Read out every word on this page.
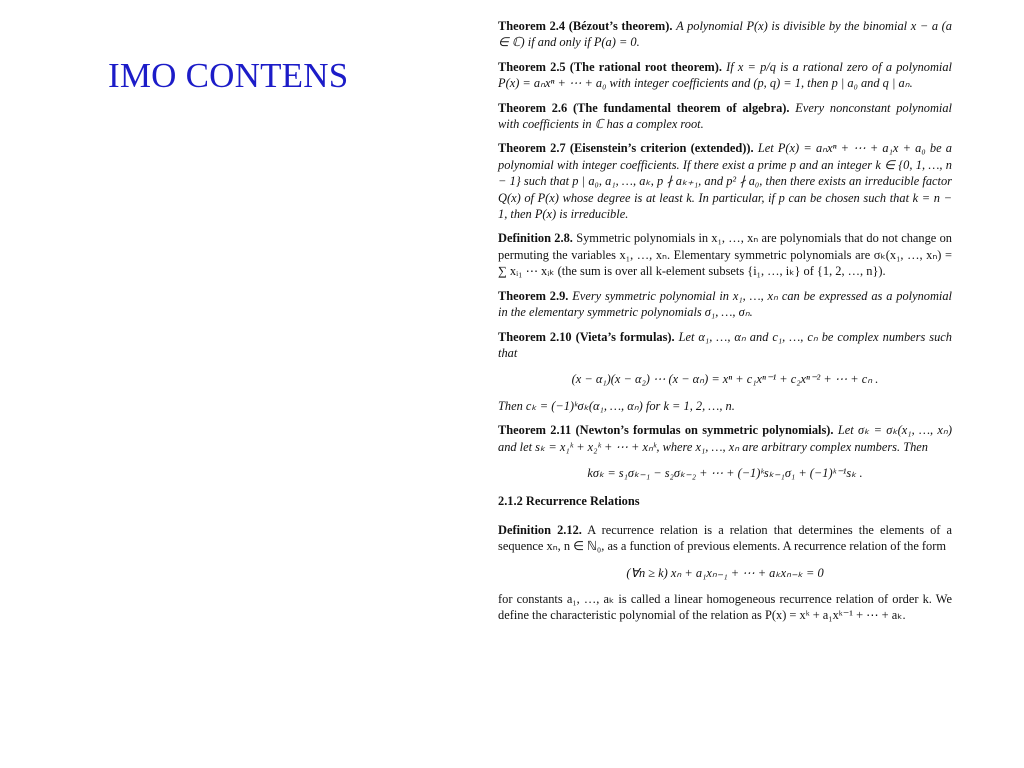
IMO CONTENS
Theorem 2.4 (Bézout’s theorem). A polynomial P(x) is divisible by the binomial x − a (a ∈ ℂ) if and only if P(a) = 0.
Theorem 2.5 (The rational root theorem). If x = p/q is a rational zero of a polynomial P(x) = aₙxⁿ + ⋯ + a₀ with integer coefficients and (p, q) = 1, then p | a₀ and q | aₙ.
Theorem 2.6 (The fundamental theorem of algebra). Every nonconstant polynomial with coefficients in ℂ has a complex root.
Theorem 2.7 (Eisenstein’s criterion (extended)). Let P(x) = aₙxⁿ + ⋯ + a₁x + a₀ be a polynomial with integer coefficients. If there exist a prime p and an integer k ∈ {0, 1, …, n − 1} such that p | a₀, a₁, …, aₖ, p ∤ aₖ₊₁, and p² ∤ a₀, then there exists an irreducible factor Q(x) of P(x) whose degree is at least k. In particular, if p can be chosen such that k = n − 1, then P(x) is irreducible.
Definition 2.8. Symmetric polynomials in x₁, …, xₙ are polynomials that do not change on permuting the variables x₁, …, xₙ. Elementary symmetric polynomials are σₖ(x₁, …, xₙ) = ∑ xᵢ₁ ⋯ xᵢₖ (the sum is over all k-element subsets {i₁, …, iₖ} of {1, 2, …, n}).
Theorem 2.9. Every symmetric polynomial in x₁, …, xₙ can be expressed as a polynomial in the elementary symmetric polynomials σ₁, …, σₙ.
Theorem 2.10 (Vieta’s formulas). Let α₁, …, αₙ and c₁, …, cₙ be complex numbers such that
(x − α₁)(x − α₂) ⋯ (x − αₙ) = xⁿ + c₁xⁿ⁻¹ + c₂xⁿ⁻² + ⋯ + cₙ .
Then cₖ = (−1)ᵏσₖ(α₁, …, αₙ) for k = 1, 2, …, n.
Theorem 2.11 (Newton’s formulas on symmetric polynomials). Let σₖ = σₖ(x₁, …, xₙ) and let sₖ = x₁ᵏ + x₂ᵏ + ⋯ + xₙᵏ, where x₁, …, xₙ are arbitrary complex numbers. Then
kσₖ = s₁σₖ₋₁ − s₂σₖ₋₂ + ⋯ + (−1)ᵏsₖ₋₁σ₁ + (−1)ᵏ⁻¹sₖ .
2.1.2 Recurrence Relations
Definition 2.12. A recurrence relation is a relation that determines the elements of a sequence xₙ, n ∈ ℕ₀, as a function of previous elements. A recurrence relation of the form
(∀n ≥ k) xₙ + a₁xₙ₋₁ + ⋯ + aₖxₙ₋ₖ = 0
for constants a₁, …, aₖ is called a linear homogeneous recurrence relation of order k. We define the characteristic polynomial of the relation as P(x) = xᵏ + a₁xᵏ⁻¹ + ⋯ + aₖ.
